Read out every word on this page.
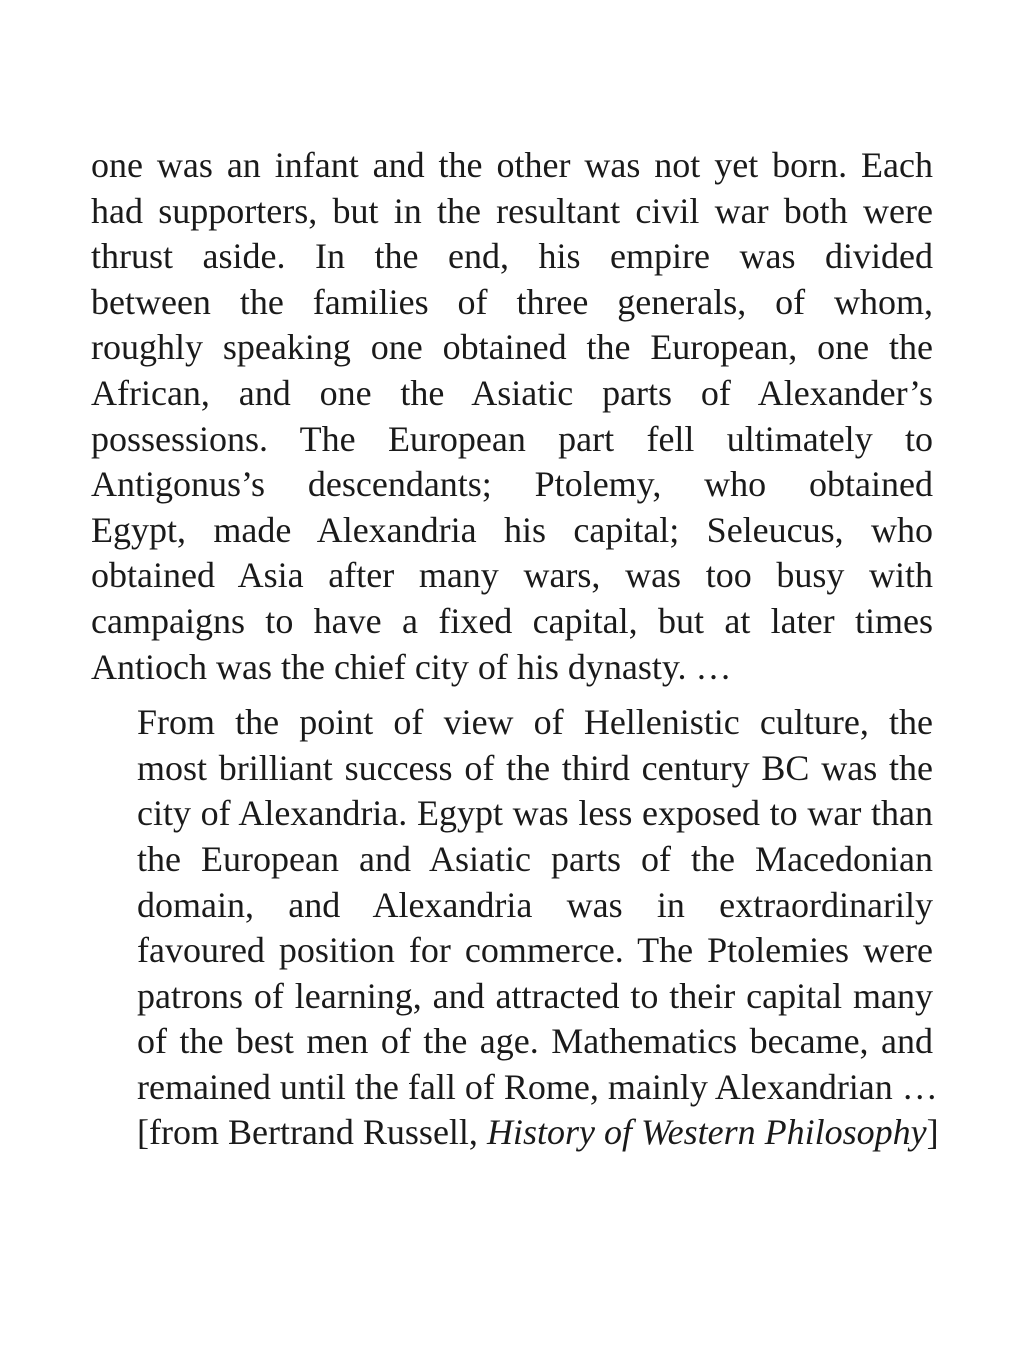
one was an infant and the other was not yet born. Each
had supporters, but in the resultant civil war both were
thrust aside. In the end, his empire was divided
between the families of three generals, of whom,
roughly speaking one obtained the European, one the
African, and one the Asiatic parts of Alexander’s
possessions. The European part fell ultimately to
Antigonus’s descendants; Ptolemy, who obtained
Egypt, made Alexandria his capital; Seleucus, who
obtained Asia after many wars, was too busy with
campaigns to have a fixed capital, but at later times
Antioch was the chief city of his dynasty. …

From the point of view of Hellenistic culture, the
most brilliant success of the third century BC was the
city of Alexandria. Egypt was less exposed to war than
the European and Asiatic parts of the Macedonian
domain, and Alexandria was in extraordinarily
favoured position for commerce. The Ptolemies were
patrons of learning, and attracted to their capital many
of the best men of the age. Mathematics became, and
remained until the fall of Rome, mainly Alexandrian …
[from Bertrand Russell, History of Western Philosophy]
